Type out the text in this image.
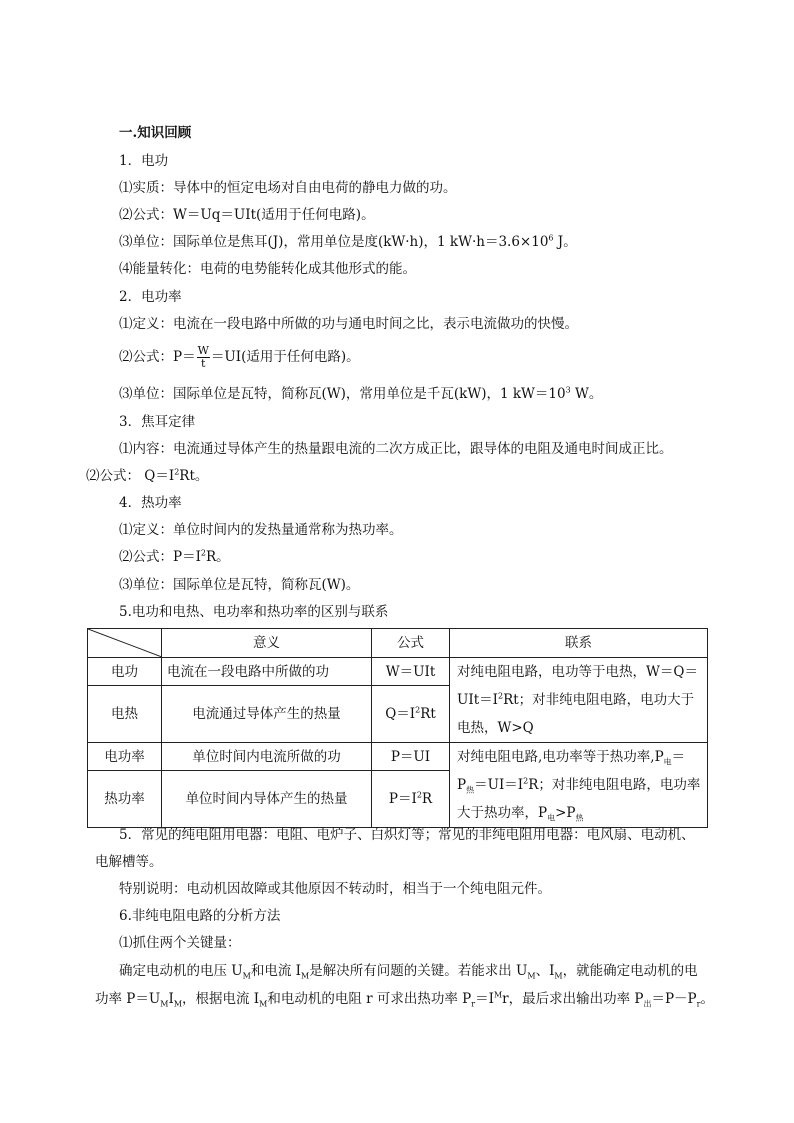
一.知识回顾
1．电功
⑴实质：导体中的恒定电场对自由电荷的静电力做的功。
⑵公式：W＝Uq＝UIt(适用于任何电路)。
⑶单位：国际单位是焦耳(J)，常用单位是度(kW·h)，1 $kW\cdot h=3.6\times 10^6$ J。
⑷能量转化：电荷的电势能转化成其他形式的能。
2．电功率
⑴定义：电流在一段电路中所做的功与通电时间之比，表示电流做功的快慢。
⑵公式：$P= \frac{W}{t} =UI$(适用于任何电路)。
⑶单位：国际单位是瓦特，简称瓦(W)，常用单位是千瓦(kW)，1 $kW=10^3$ W。
3．焦耳定律
⑴内容：电流通过导体产生的热量跟电流的二次方成正比，跟导体的电阻及通电时间成正比。
⑵公式： $Q=I^2Rt$。
4．热功率
⑴定义：单位时间内的发热量通常称为热功率。
⑵公式：$P=I^2R$。
⑶单位：国际单位是瓦特，简称瓦(W)。
5.电功和电热、电功率和热功率的区别与联系
	意义	公式	联系
电功	电流在一段电路中所做的功	W＝UIt	对纯电阻电路，电功等于电热，W＝Q＝
$UIt=I^2Rt$；对非纯电阻电路，电功大于
电热，W>Q
电热	电流通过导体产生的热量	$Q=I^2Rt$	
电功率	单位时间内电流所做的功	P＝UI	对纯电阻电路,电功率等于热功率$,P_电=$
$P_热=UI=I^2R$；对非纯电阻电路，电功率
大于热功率，$P_电>P_热$
热功率	单位时间内导体产生的热量	$P=I^2R$	
5．常见的纯电阻用电器：电阻、电炉子、白炽灯等；常见的非纯电阻用电器：电风扇、电动机、
电解槽等。
特别说明：电动机因故障或其他原因不转动时，相当于一个纯电阻元件。
6.非纯电阻电路的分析方法
⑴抓住两个关键量：
确定电动机的电压 $U_M$和电流 $I_M$是解决所有问题的关键。若能求出 $U_M$、$I_M$，就能确定电动机的电
功率 $P=U_MI_M$，根据电流 $I_M$和电动机的电阻 r 可求出热功率 $P_r=I^Mr$，最后求出输出功率 $P_出=P-P_r$。
